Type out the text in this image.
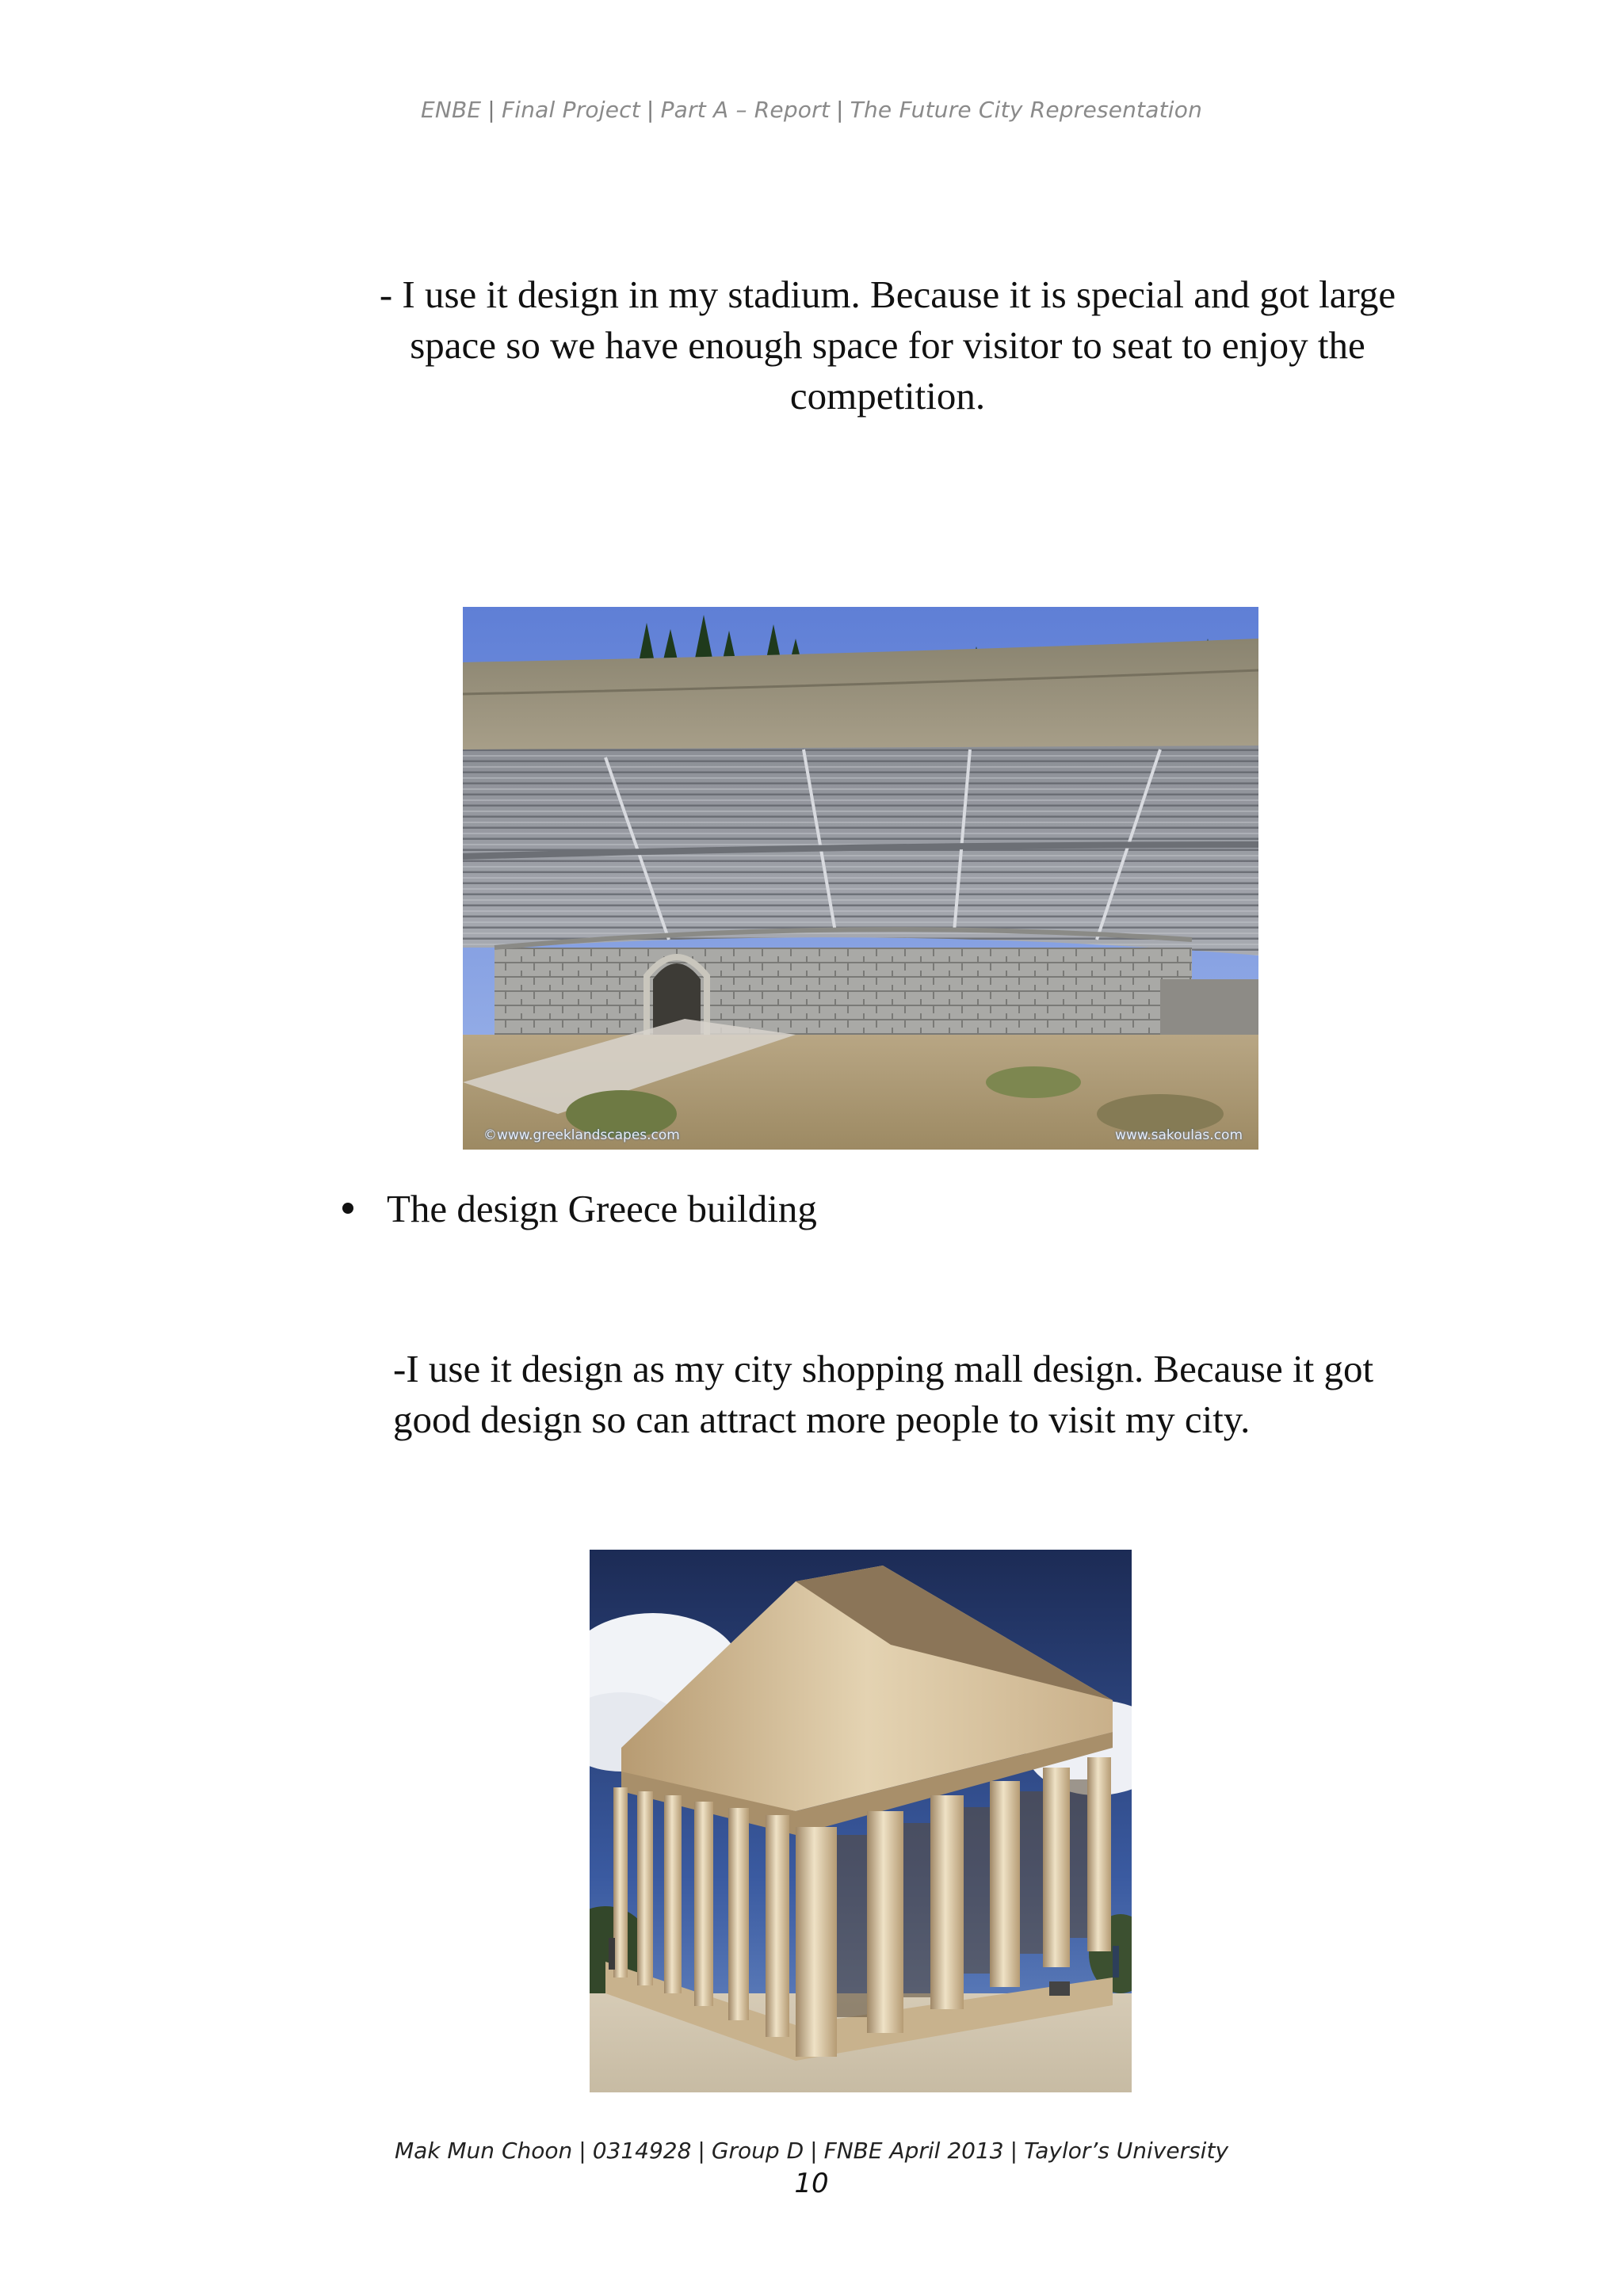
ENBE | Final Project | Part A – Report | The Future City Representation
- I use it design in my stadium. Because it is special and got large space so we have enough space for visitor to seat to enjoy the competition.
©www.greeklandscapes.com	www.sakoulas.com
The design Greece building
-I use it design as my city shopping mall design. Because it got good design so can attract more people to visit my city.
Mak Mun Choon | 0314928 | Group D | FNBE April 2013 | Taylor’s University
10
